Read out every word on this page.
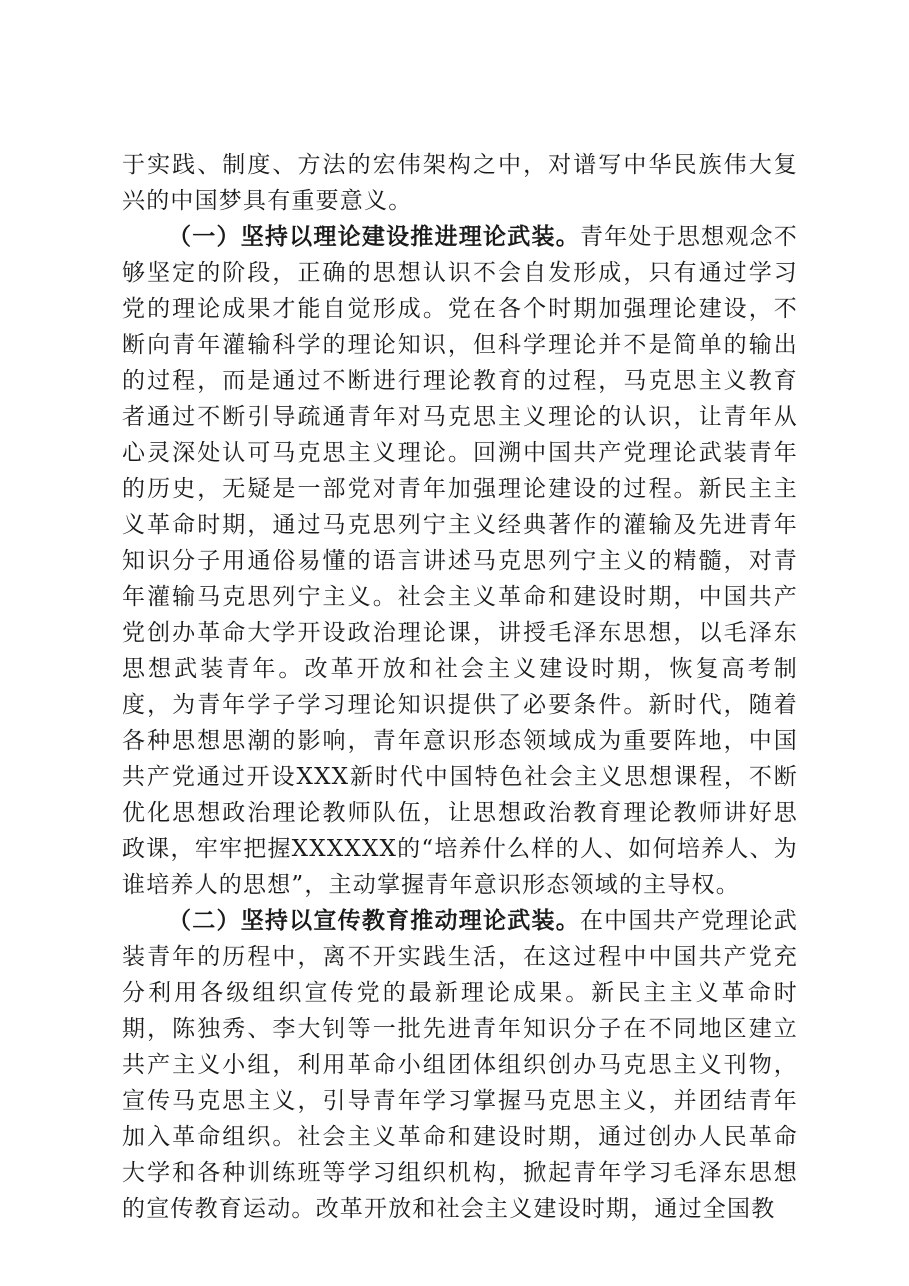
于实践、制度、方法的宏伟架构之中，对谱写中华民族伟大复兴的中国梦具有重要意义。

（一）坚持以理论建设推进理论武装。青年处于思想观念不够坚定的阶段，正确的思想认识不会自发形成，只有通过学习党的理论成果才能自觉形成。党在各个时期加强理论建设，不断向青年灌输科学的理论知识，但科学理论并不是简单的输出的过程，而是通过不断进行理论教育的过程，马克思主义教育者通过不断引导疏通青年对马克思主义理论的认识，让青年从心灵深处认可马克思主义理论。回溯中国共产党理论武装青年的历史，无疑是一部党对青年加强理论建设的过程。新民主主义革命时期，通过马克思列宁主义经典著作的灌输及先进青年知识分子用通俗易懂的语言讲述马克思列宁主义的精髓，对青年灌输马克思列宁主义。社会主义革命和建设时期，中国共产党创办革命大学开设政治理论课，讲授毛泽东思想，以毛泽东思想武装青年。改革开放和社会主义建设时期，恢复高考制度，为青年学子学习理论知识提供了必要条件。新时代，随着各种思想思潮的影响，青年意识形态领域成为重要阵地，中国共产党通过开设XXX新时代中国特色社会主义思想课程，不断优化思想政治理论教师队伍，让思想政治教育理论教师讲好思政课，牢牢把握XXXXXX的“培养什么样的人、如何培养人、为谁培养人的思想”，主动掌握青年意识形态领域的主导权。

（二）坚持以宣传教育推动理论武装。在中国共产党理论武装青年的历程中，离不开实践生活，在这过程中中国共产党充分利用各级组织宣传党的最新理论成果。新民主主义革命时期，陈独秀、李大钊等一批先进青年知识分子在不同地区建立共产主义小组，利用革命小组团体组织创办马克思主义刊物，宣传马克思主义，引导青年学习掌握马克思主义，并团结青年加入革命组织。社会主义革命和建设时期，通过创办人民革命大学和各种训练班等学习组织机构，掀起青年学习毛泽东思想的宣传教育运动。改革开放和社会主义建设时期，通过全国教
